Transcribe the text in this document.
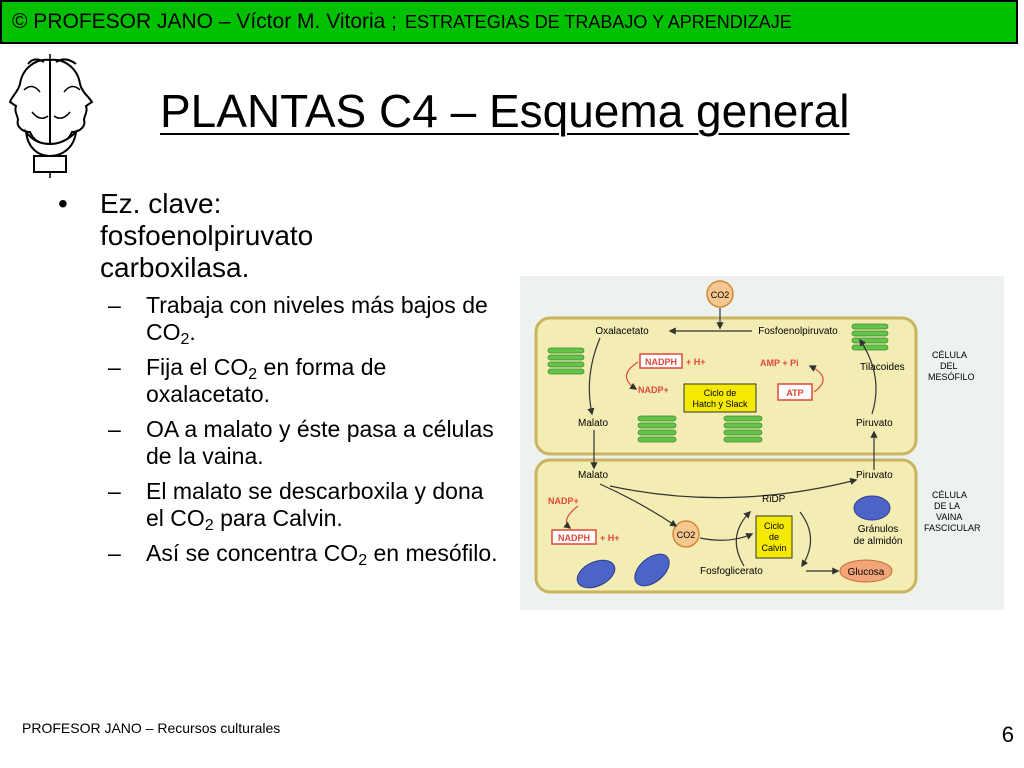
© PROFESOR JANO – Víctor M. Vitoria ; ESTRATEGIAS DE TRABAJO Y APRENDIZAJE
PLANTAS C4 – Esquema general
•	Ez. clave: fosfoenolpiruvato carboxilasa.
–	Trabaja con niveles más bajos de $CO_2$.
–	Fija el $CO_2$ en forma de oxalacetato.
–	OA a malato y éste pasa a células de la vaina.
–	El malato se descarboxila y dona el $CO_2$ para Calvin.
–	Así se concentra $CO_2$ en mesófilo.
CO2
Oxalacetato	Fosfoenolpiruvato
NADPH + H+
NADP+
AMP + Pi
ATP
Ciclo de
Hatch y Slack
Tilacoides
Malato	Piruvato
CÉLULA
DEL
MESÓFILO
Malato	Piruvato
RiDP
NADP+
NADPH + H+	CO2
Ciclo
de
Calvin
Gránulos
de almidón
Fosfoglicerato	Glucosa
CÉLULA
DE LA
VAINA
FASCICULAR
PROFESOR JANO – Recursos culturales	6
